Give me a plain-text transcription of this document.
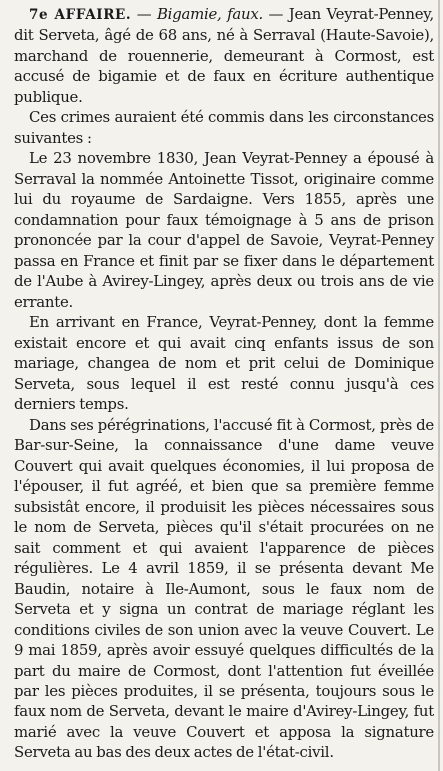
7e AFFAIRE. — Bigamie, faux. — Jean Veyrat-Penney, dit Serveta, âgé de 68 ans, né à Serraval (Haute-Savoie), marchand de rouennerie, demeurant à Cormost, est accusé de bigamie et de faux en écriture authentique publique.

Ces crimes auraient été commis dans les circonstances suivantes :

Le 23 novembre 1830, Jean Veyrat-Penney a épousé à Serraval la nommée Antoinette Tissot, originaire comme lui du royaume de Sardaigne. Vers 1855, après une condamnation pour faux témoignage à 5 ans de prison prononcée par la cour d'appel de Savoie, Veyrat-Penney passa en France et finit par se fixer dans le département de l'Aube à Avirey-Lingey, après deux ou trois ans de vie errante.

En arrivant en France, Veyrat-Penney, dont la femme existait encore et qui avait cinq enfants issus de son mariage, changea de nom et prit celui de Dominique Serveta, sous lequel il est resté connu jusqu'à ces derniers temps.

Dans ses pérégrinations, l'accusé fit à Cormost, près de Bar-sur-Seine, la connaissance d'une dame veuve Couvert qui avait quelques économies, il lui proposa de l'épouser, il fut agréé, et bien que sa première femme subsistât encore, il produisit les pièces nécessaires sous le nom de Serveta, pièces qu'il s'était procurées on ne sait comment et qui avaient l'apparence de pièces régulières. Le 4 avril 1859, il se présenta devant Me Baudin, notaire à Ile-Aumont, sous le faux nom de Serveta et y signa un contrat de mariage réglant les conditions civiles de son union avec la veuve Couvert. Le 9 mai 1859, après avoir essuyé quelques difficultés de la part du maire de Cormost, dont l'attention fut éveillée par les pièces produites, il se présenta, toujours sous le faux nom de Serveta, devant le maire d'Avirey-Lingey, fut marié avec la veuve Couvert et apposa la signature Serveta au bas des deux actes de l'état-civil.
